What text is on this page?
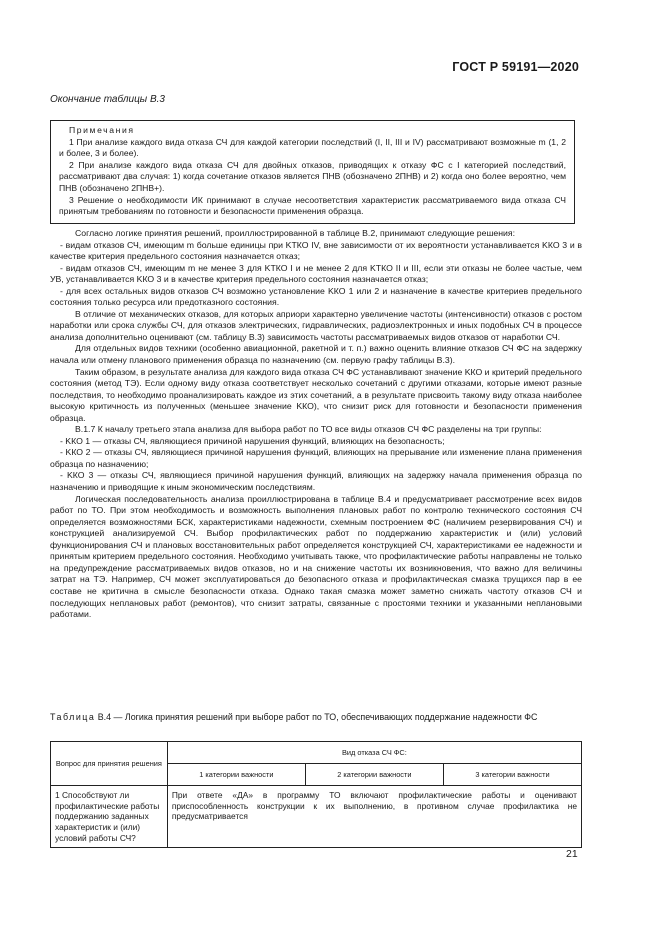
ГОСТ Р 59191—2020
Окончание таблицы В.3
Примечания

1 При анализе каждого вида отказа СЧ для каждой категории последствий (I, II, III и IV) рассматривают возможные m (1, 2 и более, 3 и более).

2 При анализе каждого вида отказа СЧ для двойных отказов, приводящих к отказу ФС с I категорией последствий, рассматривают два случая: 1) когда сочетание отказов является ПНВ (обозначено 2ПНВ) и 2) когда оно более вероятно, чем ПНВ (обозначено 2ПНВ+).

3 Решение о необходимости ИК принимают в случае несоответствия характеристик рассматриваемого вида отказа СЧ принятым требованиям по готовности и безопасности применения образца.

Согласно логике принятия решений, проиллюстрированной в таблице В.2, принимают следующие решения:

- видам отказов СЧ, имеющим m больше единицы при KТКО IV, вне зависимости от их вероятности устанавливается KКО 3 и в качестве критерия предельного состояния назначается отказ;

- видам отказов СЧ, имеющим m не менее 3 для KТКО I и не менее 2 для KТКО II и III, если эти отказы не более частые, чем УВ, устанавливается KКО 3 и в качестве критерия предельного состояния назначается отказ;

- для всех остальных видов отказов СЧ возможно установление KКО 1 или 2 и назначение в качестве критериев предельного состояния только ресурса или предотказного состояния.

В отличие от механических отказов, для которых априори характерно увеличение частоты (интенсивности) отказов с ростом наработки или срока службы СЧ, для отказов электрических, гидравлических, радиоэлектронных и иных подобных СЧ в процессе анализа дополнительно оценивают (см. таблицу В.3) зависимость частоты рассматриваемых видов отказов от наработки СЧ.

Для отдельных видов техники (особенно авиационной, ракетной и т. п.) важно оценить влияние отказов СЧ ФС на задержку начала или отмену планового применения образца по назначению (см. первую графу таблицы В.3).

Таким образом, в результате анализа для каждого вида отказа СЧ ФС устанавливают значение KКО и критерий предельного состояния (метод ТЭ). Если одному виду отказа соответствует несколько сочетаний с другими отказами, которые имеют разные последствия, то необходимо проанализировать каждое из этих сочетаний, а в результате присвоить такому виду отказа наиболее высокую критичность из полученных (меньшее значение KКО), что снизит риск для готовности и безопасности применения образца.

В.1.7 К началу третьего этапа анализа для выбора работ по ТО все виды отказов СЧ ФС разделены на три группы:

- KКО 1 — отказы СЧ, являющиеся причиной нарушения функций, влияющих на безопасность;

- KКО 2 — отказы СЧ, являющиеся причиной нарушения функций, влияющих на прерывание или изменение плана применения образца по назначению;

- KКО 3 — отказы СЧ, являющиеся причиной нарушения функций, влияющих на задержку начала применения образца по назначению и приводящие к иным экономическим последствиям.

Логическая последовательность анализа проиллюстрирована в таблице В.4 и предусматривает рассмотрение всех видов работ по ТО. При этом необходимость и возможность выполнения плановых работ по контролю технического состояния СЧ определяется возможностями БСК, характеристиками надежности, схемным построением ФС (наличием резервирования СЧ) и конструкцией анализируемой СЧ. Выбор профилактических работ по поддержанию характеристик и (или) условий функционирования СЧ и плановых восстановительных работ определяется конструкцией СЧ, характеристиками ее надежности и принятым критерием предельного состояния. Необходимо учитывать также, что профилактические работы направлены не только на предупреждение рассматриваемых видов отказов, но и на снижение частоты их возникновения, что важно для величины затрат на ТЭ. Например, СЧ может эксплуатироваться до безопасного отказа и профилактическая смазка трущихся пар в ее составе не критична в смысле безопасности отказа. Однако такая смазка может заметно снижать частоту отказов СЧ и последующих неплановых работ (ремонтов), что снизит затраты, связанные с простоями техники и указанными неплановыми работами.

Таблица В.4 — Логика принятия решений при выборе работ по ТО, обеспечивающих поддержание надежности ФС
Вопрос для принятия решения	Вид отказа СЧ ФС:		
	1 категории важности	2 категории важности	3 категории важности
1 Способствуют ли профилактические работы поддержанию заданных характеристик и (или) условий работы СЧ?	При ответе «ДА» в программу ТО включают профилактические работы и оценивают приспособленность конструкции к их выполнению, в противном случае профилактика не предусматривается		
21
